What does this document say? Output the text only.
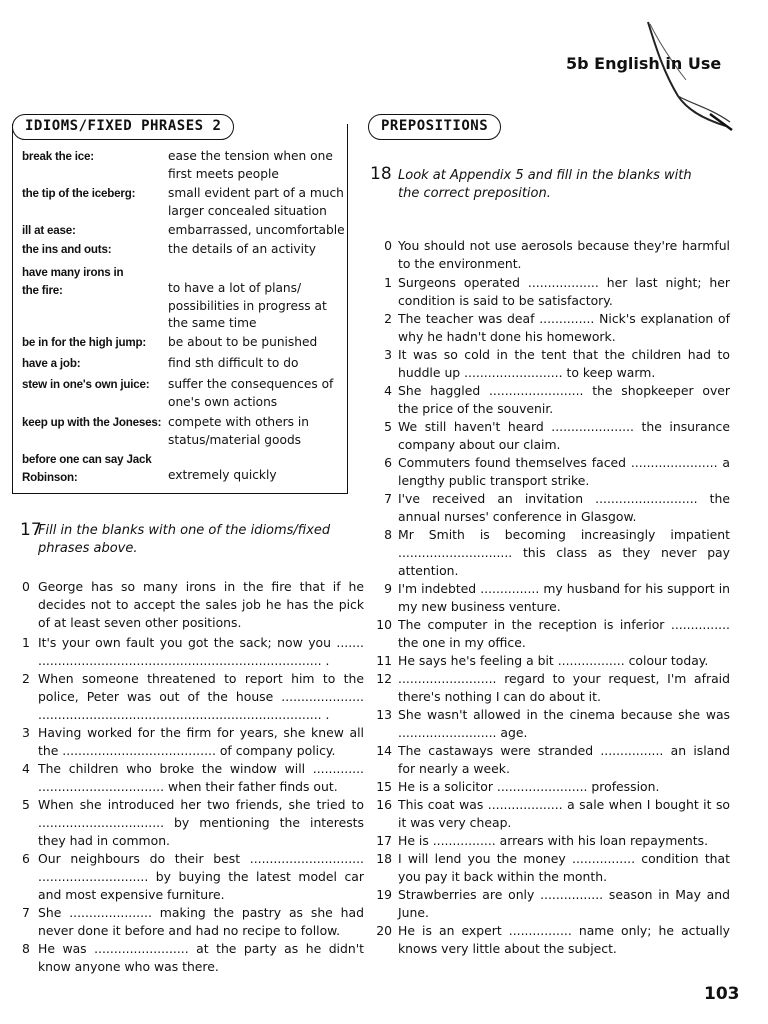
5b English in Use
IDIOMS/FIXED PHRASES 2
break the ice:	ease the tension when one first meets people
the tip of the iceberg:	small evident part of a much larger concealed situation
ill at ease:	embarrassed, uncomfortable
the ins and outs:	the details of an activity
have many irons in the fire:	to have a lot of plans/ possibilities in progress at the same time
be in for the high jump:	be about to be punished
have a job:	find sth difficult to do
stew in one's own juice:	suffer the consequences of one's own actions
keep up with the Joneses: compete with others in status/material goods
before one can say Jack Robinson:	extremely quickly
17
Fill in the blanks with one of the idioms/fixed phrases above.
0 George has so many irons in the fire that if he decides not to accept the sales job he has the pick of at least seven other positions.
1 It's your own fault you got the sack; now you ....... ........................................................................ .
2 When someone threatened to report him to the police, Peter was out of the house ..................... ........................................................................ .
3 Having worked for the firm for years, she knew all the ....................................... of company policy.
4 The children who broke the window will ............. ................................ when their father finds out.
5 When she introduced her two friends, she tried to ................................ by mentioning the interests they had in common.
6 Our neighbours do their best ............................. ............................ by buying the latest model car and most expensive furniture.
7 She ..................... making the pastry as she had never done it before and had no recipe to follow.
8 He was ........................ at the party as he didn't know anyone who was there.
PREPOSITIONS
18 Look at Appendix 5 and fill in the blanks with the correct preposition.
0 You should not use aerosols because they're harmful to the environment.
1 Surgeons operated .................. her last night; her condition is said to be satisfactory.
2 The teacher was deaf .............. Nick's explanation of why he hadn't done his homework.
3 It was so cold in the tent that the children had to huddle up ......................... to keep warm.
4 She haggled ........................ the shopkeeper over the price of the souvenir.
5 We still haven't heard ..................... the insurance company about our claim.
6 Commuters found themselves faced ...................... a lengthy public transport strike.
7 I've received an invitation .......................... the annual nurses' conference in Glasgow.
8 Mr Smith is becoming increasingly impatient ............................. this class as they never pay attention.
9 I'm indebted ............... my husband for his support in my new business venture.
10 The computer in the reception is inferior ............... the one in my office.
11 He says he's feeling a bit ................. colour today.
12 ......................... regard to your request, I'm afraid there's nothing I can do about it.
13 She wasn't allowed in the cinema because she was ......................... age.
14 The castaways were stranded ................ an island for nearly a week.
15 He is a solicitor ....................... profession.
16 This coat was ................... a sale when I bought it so it was very cheap.
17 He is ................ arrears with his loan repayments.
18 I will lend you the money ................ condition that you pay it back within the month.
19 Strawberries are only ................ season in May and June.
20 He is an expert ................ name only; he actually knows very little about the subject.
103
